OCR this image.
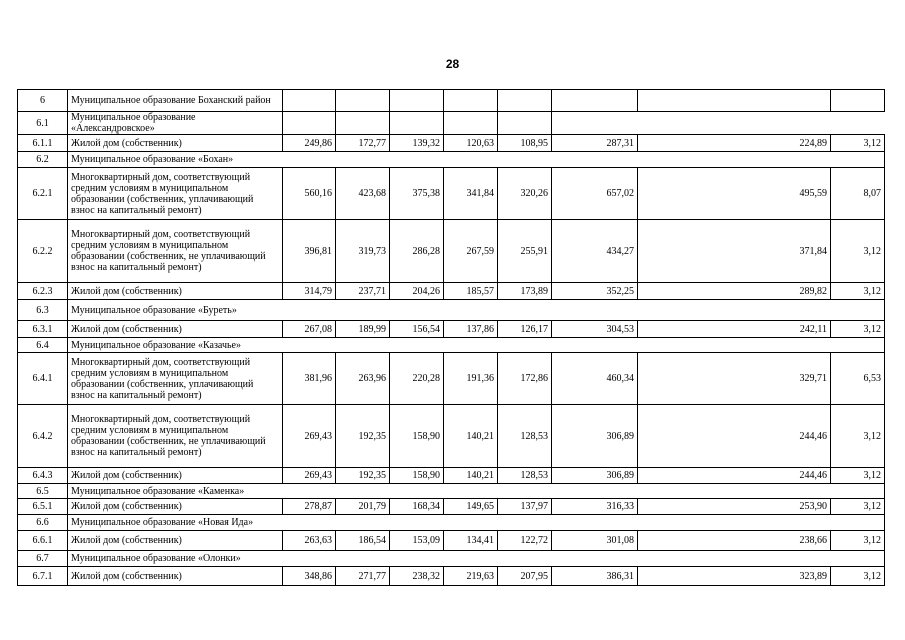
28
6	Муниципальное образование Боханский район								
6.1	Муниципальное образование «Александровское»								
6.1.1	Жилой дом (собственник)	249,86	172,77	139,32	120,63	108,95	287,31	224,89	3,12
6.2	Муниципальное образование «Бохан»								
6.2.1	Многоквартирный дом, соответствующий средним условиям в муниципальном образовании (собственник, уплачивающий взнос на капитальный ремонт)	560,16	423,68	375,38	341,84	320,26	657,02	495,59	8,07
6.2.2	Многоквартирный дом, соответствующий средним условиям в муниципальном образовании (собственник, не уплачивающий взнос на капитальный ремонт)	396,81	319,73	286,28	267,59	255,91	434,27	371,84	3,12
6.2.3	Жилой дом (собственник)	314,79	237,71	204,26	185,57	173,89	352,25	289,82	3,12
6.3	Муниципальное образование «Буреть»								
6.3.1	Жилой дом (собственник)	267,08	189,99	156,54	137,86	126,17	304,53	242,11	3,12
6.4	Муниципальное образование «Казачье»								
6.4.1	Многоквартирный дом, соответствующий средним условиям в муниципальном образовании (собственник, уплачивающий взнос на капитальный ремонт)	381,96	263,96	220,28	191,36	172,86	460,34	329,71	6,53
6.4.2	Многоквартирный дом, соответствующий средним условиям в муниципальном образовании (собственник, не уплачивающий взнос на капитальный ремонт)	269,43	192,35	158,90	140,21	128,53	306,89	244,46	3,12
6.4.3	Жилой дом (собственник)	269,43	192,35	158,90	140,21	128,53	306,89	244,46	3,12
6.5	Муниципальное образование «Каменка»								
6.5.1	Жилой дом (собственник)	278,87	201,79	168,34	149,65	137,97	316,33	253,90	3,12
6.6	Муниципальное образование «Новая Ида»								
6.6.1	Жилой дом (собственник)	263,63	186,54	153,09	134,41	122,72	301,08	238,66	3,12
6.7	Муниципальное образование «Олонки»								
6.7.1	Жилой дом (собственник)	348,86	271,77	238,32	219,63	207,95	386,31	323,89	3,12
